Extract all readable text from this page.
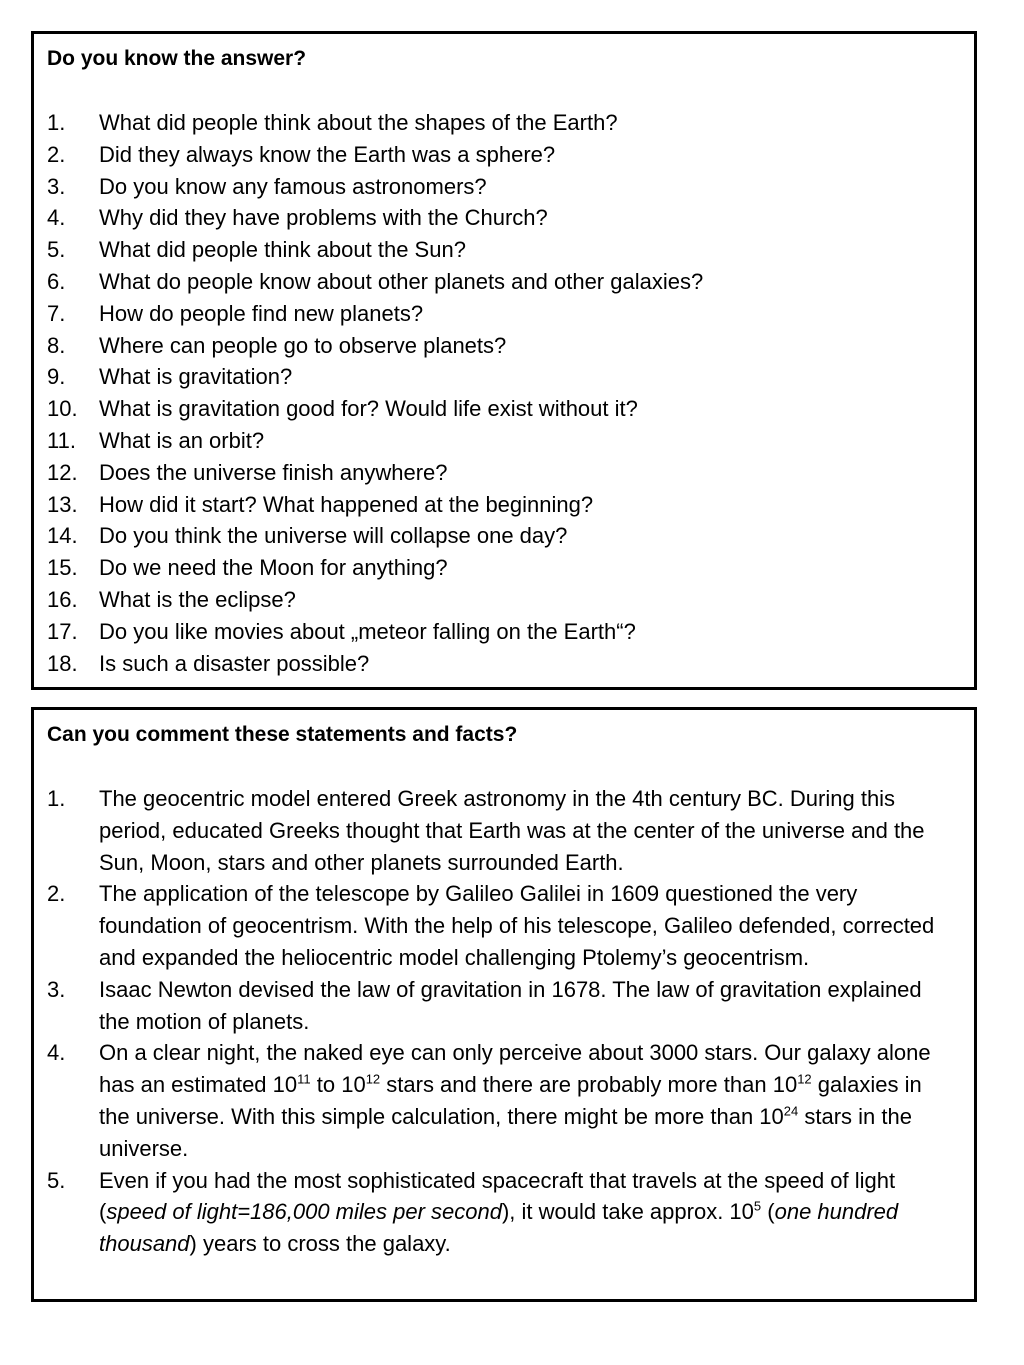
Do you know the answer?
1.	What did people think about the shapes of the Earth?
2.	Did they always know the Earth was a sphere?
3.	Do you know any famous astronomers?
4.	Why did they have problems with the Church?
5.	What did people think about the Sun?
6.	What do people know about other planets and other galaxies?
7.	How do people find new planets?
8.	Where can people go to observe planets?
9.	What is gravitation?
10. What is gravitation good for? Would life exist without it?
11.	What is an orbit?
12. Does the universe finish anywhere?
13. How did it start? What happened at the beginning?
14. Do you think the universe will collapse one day?
15. Do we need the Moon for anything?
16. What is the eclipse?
17. Do you like movies about „meteor falling on the Earth“?
18. Is such a disaster possible?
Can you comment these statements and facts?
1.	The geocentric model entered Greek astronomy in the 4th century BC. During this period, educated Greeks thought that Earth was at the center of the universe and the Sun, Moon, stars and other planets surrounded Earth.
2.	The application of the telescope by Galileo Galilei in 1609 questioned the very foundation of geocentrism. With the help of his telescope, Galileo defended, corrected and expanded the heliocentric model challenging Ptolemy’s geocentrism.
3.	Isaac Newton devised the law of gravitation in 1678. The law of gravitation explained the motion of planets.
4.	On a clear night, the naked eye can only perceive about 3000 stars. Our galaxy alone has an estimated $10^{11}$ to $10^{12}$ stars and there are probably more than $10^{12}$ galaxies in the universe. With this simple calculation, there might be more than $10^{24}$ stars in the universe.
5.	Even if you had the most sophisticated spacecraft that travels at the speed of light (speed of light=186,000 miles per second), it would take approx. $10^5$ (one hundred thousand) years to cross the galaxy.
